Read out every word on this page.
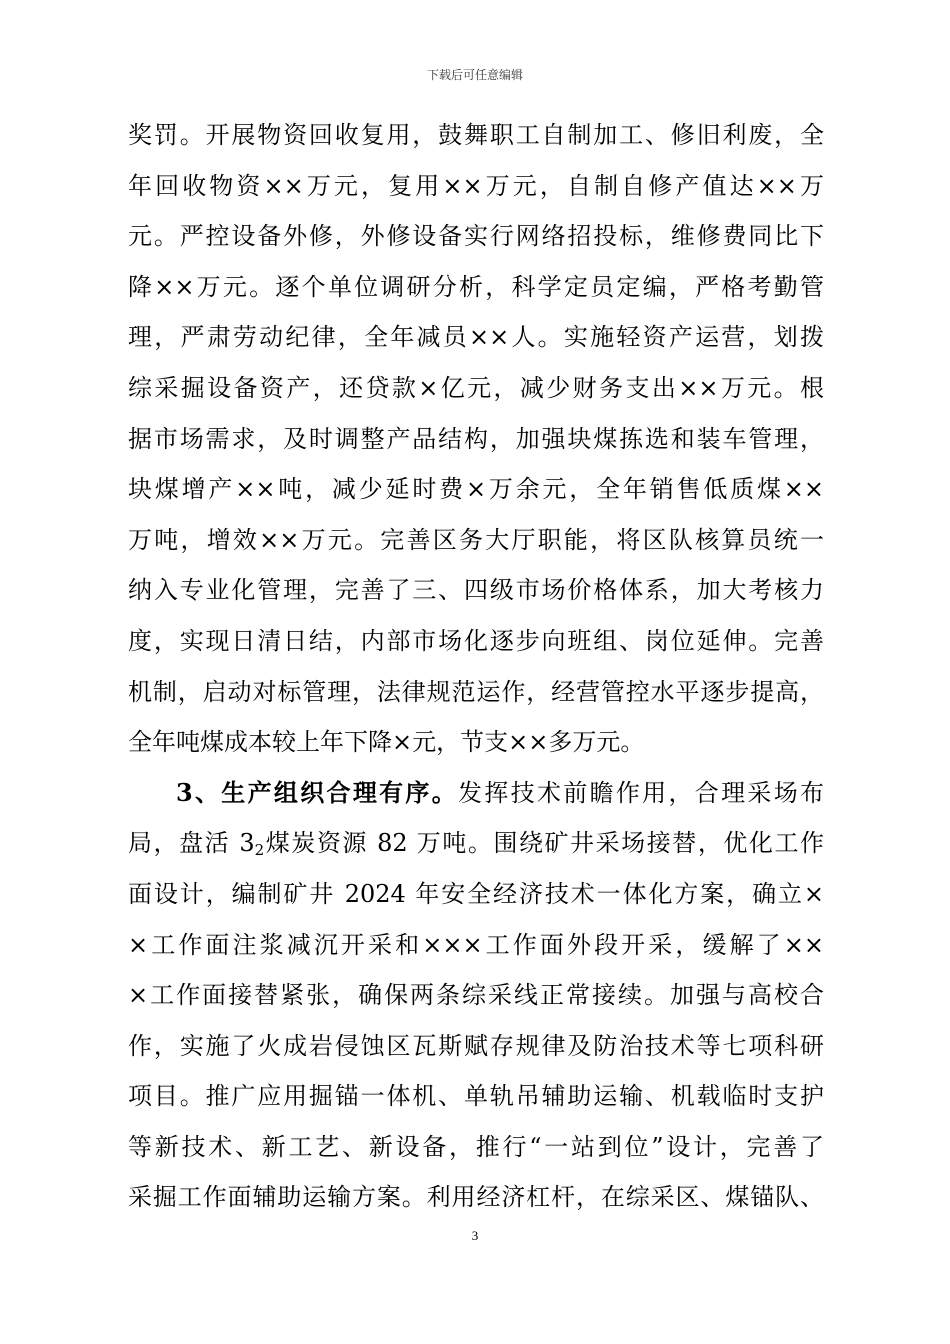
下载后可任意编辑
奖罚。开展物资回收复用，鼓舞职工自制加工、修旧利废，全
年回收物资××万元，复用××万元，自制自修产值达××万
元。严控设备外修，外修设备实行网络招投标，维修费同比下
降××万元。逐个单位调研分析，科学定员定编，严格考勤管
理，严肃劳动纪律，全年减员××人。实施轻资产运营，划拨
综采掘设备资产，还贷款×亿元，减少财务支出××万元。根
据市场需求，及时调整产品结构，加强块煤拣选和装车管理，
块煤增产××吨，减少延时费×万余元，全年销售低质煤××
万吨，增效××万元。完善区务大厅职能，将区队核算员统一
纳入专业化管理，完善了三、四级市场价格体系，加大考核力
度，实现日清日结，内部市场化逐步向班组、岗位延伸。完善
机制，启动对标管理，法律规范运作，经营管控水平逐步提高，
全年吨煤成本较上年下降×元，节支××多万元。
3、生产组织合理有序。发挥技术前瞻作用，合理采场布
局，盘活 $3_2$煤炭资源 82 万吨。围绕矿井采场接替，优化工作
面设计，编制矿井 2024 年安全经济技术一体化方案，确立×
×工作面注浆减沉开采和×××工作面外段开采，缓解了××
×工作面接替紧张，确保两条综采线正常接续。加强与高校合
作，实施了火成岩侵蚀区瓦斯赋存规律及防治技术等七项科研
项目。推广应用掘锚一体机、单轨吊辅助运输、机载临时支护
等新技术、新工艺、新设备，推行“一站到位”设计，完善了
采掘工作面辅助运输方案。利用经济杠杆，在综采区、煤锚队、
3
